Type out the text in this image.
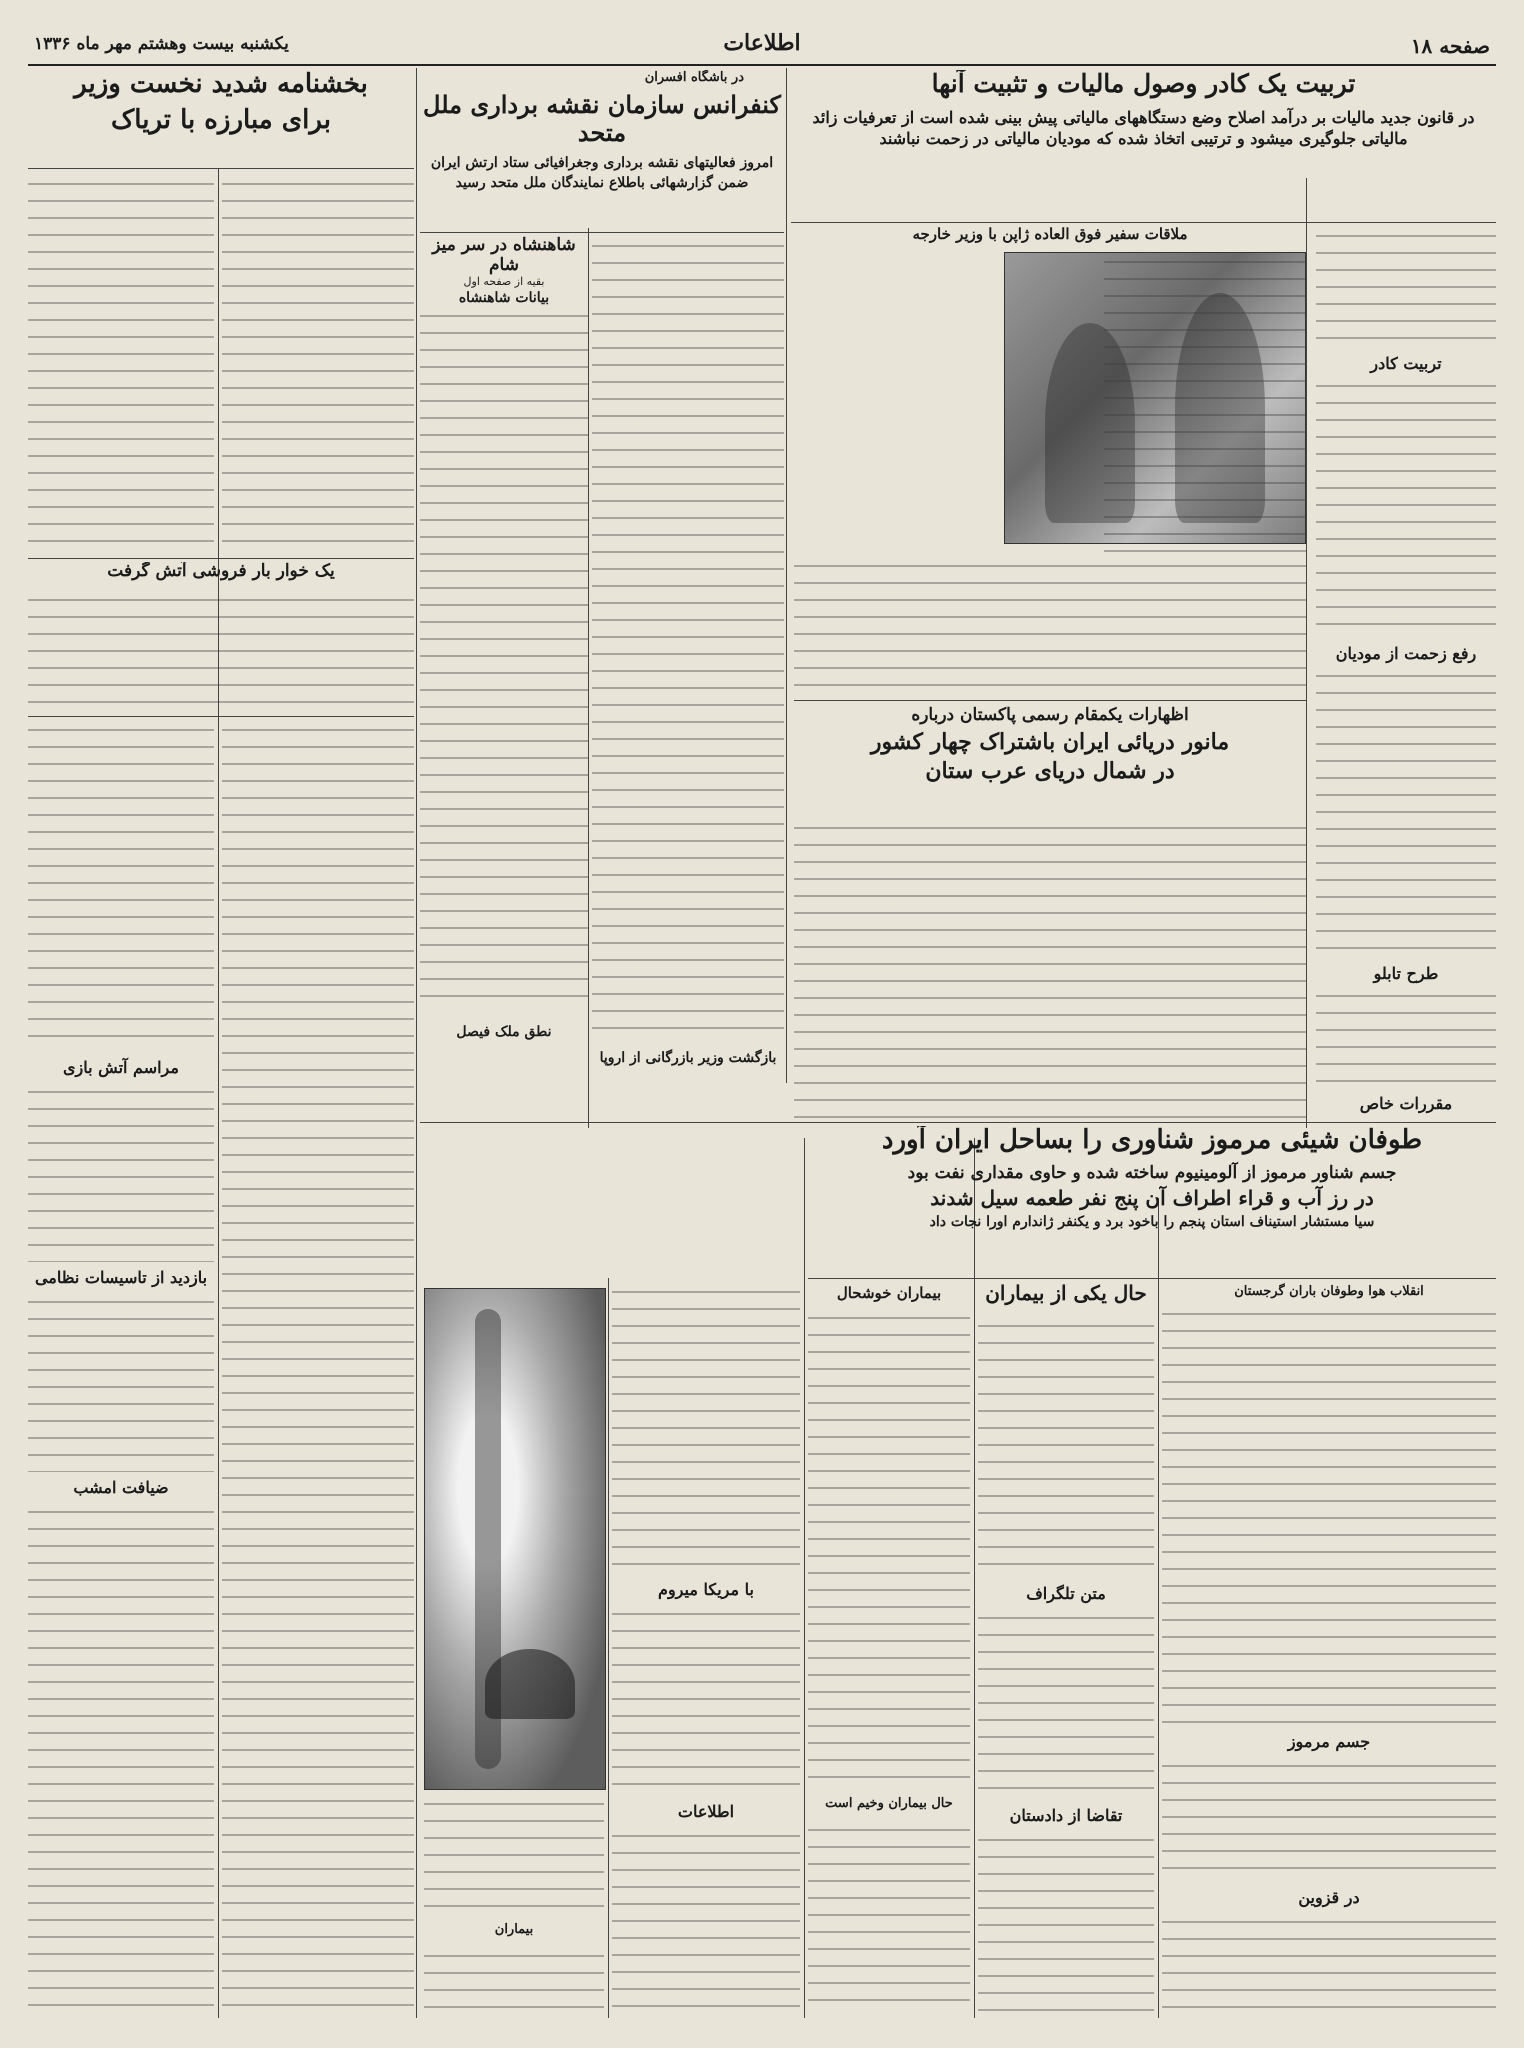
صفحه ۱۸
اطلاعات
یکشنبه بیست وهشتم مهر ماه ۱۳۳۶
تربیت یک کادر وصول مالیات و تثبیت آنها
در قانون جدید مالیات بر درآمد اصلاح وضع دستگاههای مالیاتی پیش بینی شده است از تعرفیات زائد مالیاتی جلوگیری میشود و ترتیبی اتخاذ شده که مودیان مالیاتی در زحمت نباشند
تربیت کادر
رفع زحمت از مودیان
طرح تابلو
مقررات خاص
ملاقات سفیر فوق العاده ژاپن با وزیر خارجه
اظهارات یکمقام رسمی پاکستان درباره
مانور دریائی ایران باشتراک چهار کشور
در شمال دریای عرب ستان
در باشگاه افسران
کنفرانس سازمان نقشه برداری ملل متحد
امروز فعالیتهای نقشه برداری وجغرافیائی ستاد ارتش ایران ضمن گزارشهائی باطلاع نمایندگان ملل متحد رسید
بازگشت وزیر بازرگانی از اروپا
شاهنشاه در سر میز شام
بقیه از صفحه اول
بیانات شاهنشاه
نطق ملک فیصل
بخشنامه شدید نخست وزیر
برای مبارزه با تریاک
یک خوار بار فروشی آتش گرفت
مراسم آتش بازی
بازدید از تاسیسات نظامی
ضیافت امشب
طوفان شیئی مرموز شناوری را بساحل ایران آورد
جسم شناور مرموز از آلومینیوم ساخته شده و حاوی مقداری نفت بود
در رز آب و قراء اطراف آن پنج نفر طعمه سیل شدند
سیا مستشار استیناف استان پنجم را باخود برد و یکنفر ژاندارم اورا نجات داد
انقلاب هوا وطوفان باران گرجستان
جسم مرموز
در قزوین
حال یکی از بیماران
متن تلگراف
تقاضا از دادستان
بیماران خوشحال
حال بیماران وخیم است
با مریکا میروم
اطلاعات
بیماران
